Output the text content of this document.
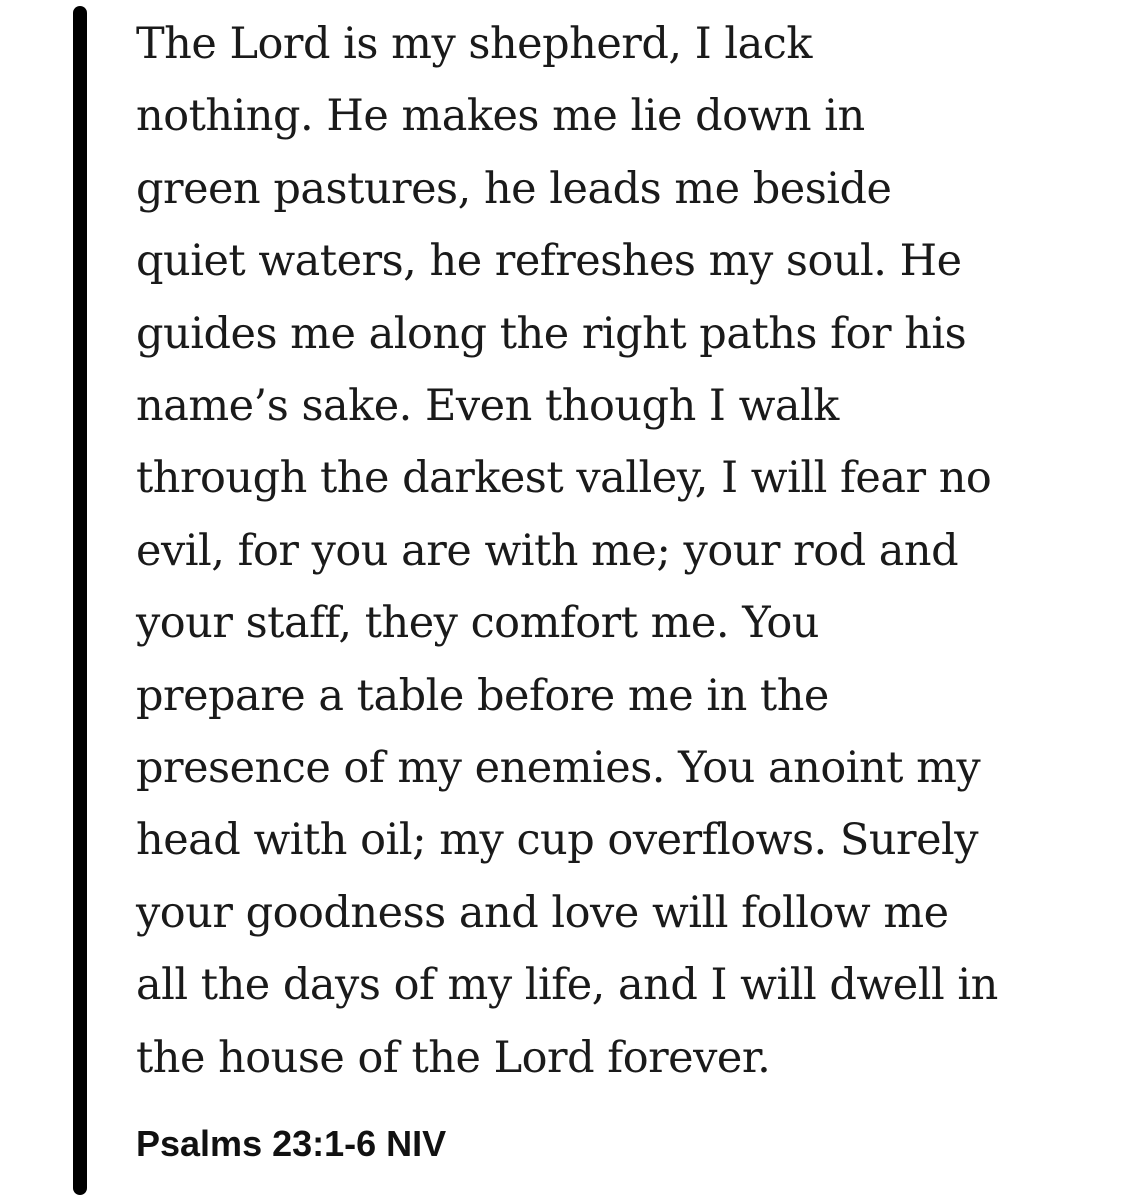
The Lord is my shepherd, I lack
nothing. He makes me lie down in
green pastures, he leads me beside
quiet waters, he refreshes my soul. He
guides me along the right paths for his
name’s sake. Even though I walk
through the darkest valley, I will fear no
evil, for you are with me; your rod and
your staff, they comfort me. You
prepare a table before me in the
presence of my enemies. You anoint my
head with oil; my cup overflows. Surely
your goodness and love will follow me
all the days of my life, and I will dwell in
the house of the Lord forever.

Psalms 23:1-6 NIV
